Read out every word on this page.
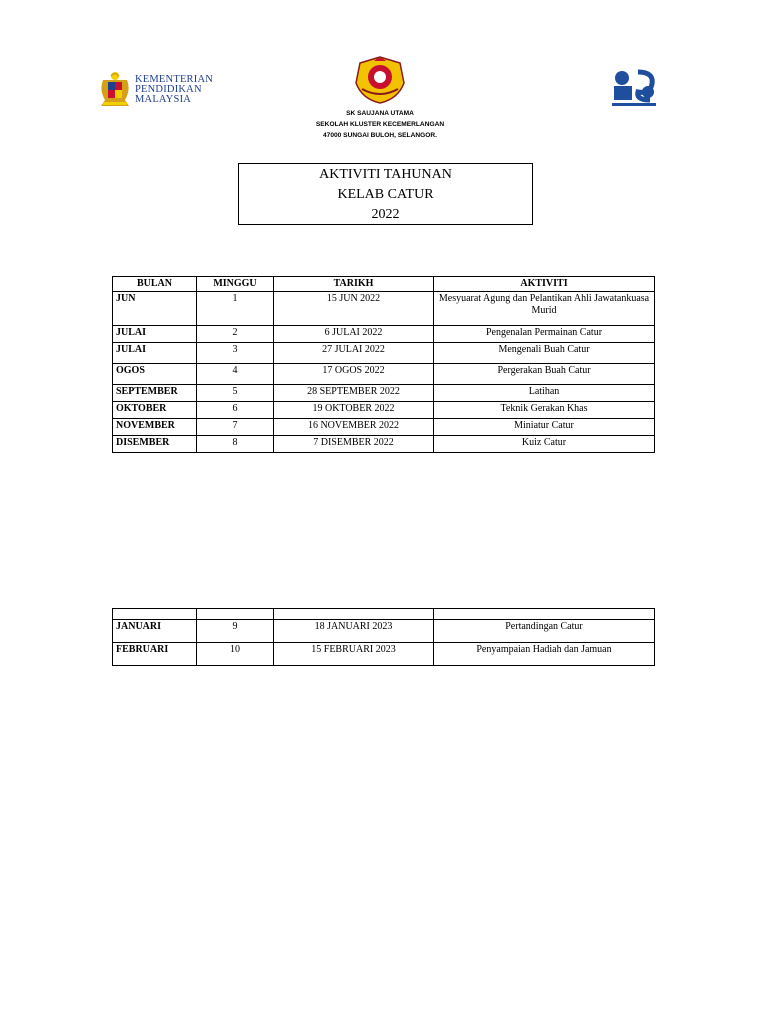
KEMENTERIAN
PENDIDIKAN
MALAYSIA
SK SAUJANA UTAMA
SEKOLAH KLUSTER KECEMERLANGAN
47000 SUNGAI BULOH, SELANGOR.
AKTIVITI TAHUNAN
KELAB CATUR
2022
BULAN	MINGGU	TARIKH	AKTIVITI
JUN	1	15 JUN 2022	Mesyuarat Agung dan Pelantikan Ahli Jawatankuasa Murid
JULAI	2	6 JULAI 2022	Pengenalan Permainan Catur
JULAI	3	27 JULAI 2022	Mengenali Buah Catur
OGOS	4	17 OGOS 2022	Pergerakan Buah Catur
SEPTEMBER	5	28 SEPTEMBER 2022	Latihan
OKTOBER	6	19 OKTOBER 2022	Teknik Gerakan Khas
NOVEMBER	7	16 NOVEMBER 2022	Miniatur Catur
DISEMBER	8	7 DISEMBER 2022	Kuiz Catur

JANUARI	9	18 JANUARI 2023	Pertandingan Catur
FEBRUARI	10	15 FEBRUARI 2023	Penyampaian Hadiah dan Jamuan
